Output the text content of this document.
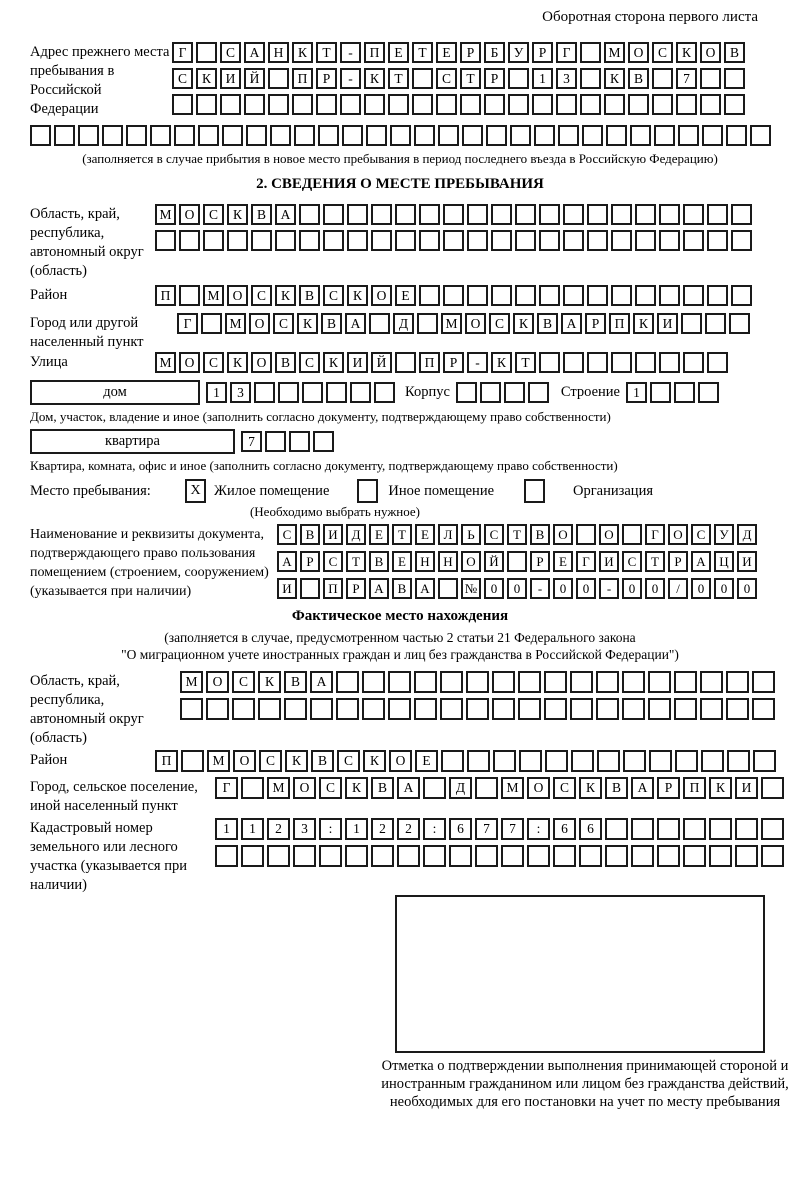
Оборотная сторона первого листа
Адрес прежнего места пребывания в Российской Федерации
Г	С	А	Н	К	Т	-	П	Е	Т	Е	Р	Б	У	Р	Г	М О	С	К	О	В
С	К	И	Й	П	Р	-	К	Т	С	Т	Р	1	3	К	В	7
(заполняется в случае прибытия в новое место пребывания в период последнего въезда в Российскую Федерацию)
2. СВЕДЕНИЯ О МЕСТЕ ПРЕБЫВАНИЯ
Область, край, республика, автономный округ (область)
М О	С	К	В	А
Район	П	М О	С	К	В	С	К	О	Е
Город или другой населенный пункт
Г	М О	С	К	В	А	Д	М О	С	К	В	А	Р	П	К	И
Улица	М О	С	К	О	В	С	К	И	Й	П	Р	-	К	Т
дом	1	3	Корпус	Строение 1
Дом, участок, владение и иное (заполнить согласно документу, подтверждающему право собственности)
квартира	7
Квартира, комната, офис и иное (заполнить согласно документу, подтверждающему право собственности)
Место пребывания:	X Жилое помещение	Иное помещение	Организация
(Необходимо выбрать нужное)
Наименование и реквизиты документа, подтверждающего право пользования помещением (строением, сооружением) (указывается при наличии)
С	В	И	Д	Е	Т	Е	Л	Ь	С	Т	В	О	О	Г	О	С	У	Д
А	Р	С	Т	В	Е	Н	Н	О	Й	Р	Е	Г	И	С	Т	Р	А	Ц	И
И	П	Р	А	В	А	№	0	0	-	0	0	-	0	0	/	0	0	0
Фактическое место нахождения
(заполняется в случае, предусмотренном частью 2 статьи 21 Федерального закона
"О миграционном учете иностранных граждан и лиц без гражданства в Российской Федерации")
Область, край, республика, автономный округ (область)
М	О	С	К	В	А
Район	П	М	О	С	К	В	С	К	О	Е
Город, сельское поселение, иной населенный пункт
Г	М	О	С	К	В	А	Д	М	О	С	К	В	А	Р	П	К	И
Кадастровый номер земельного или лесного участка (указывается при наличии)
1	1	2	3	:	1	2	2	:	6	7	7	:	6	6
Отметка о подтверждении выполнения принимающей стороной и иностранным гражданином или лицом без гражданства действий, необходимых для его постановки на учет по месту пребывания
